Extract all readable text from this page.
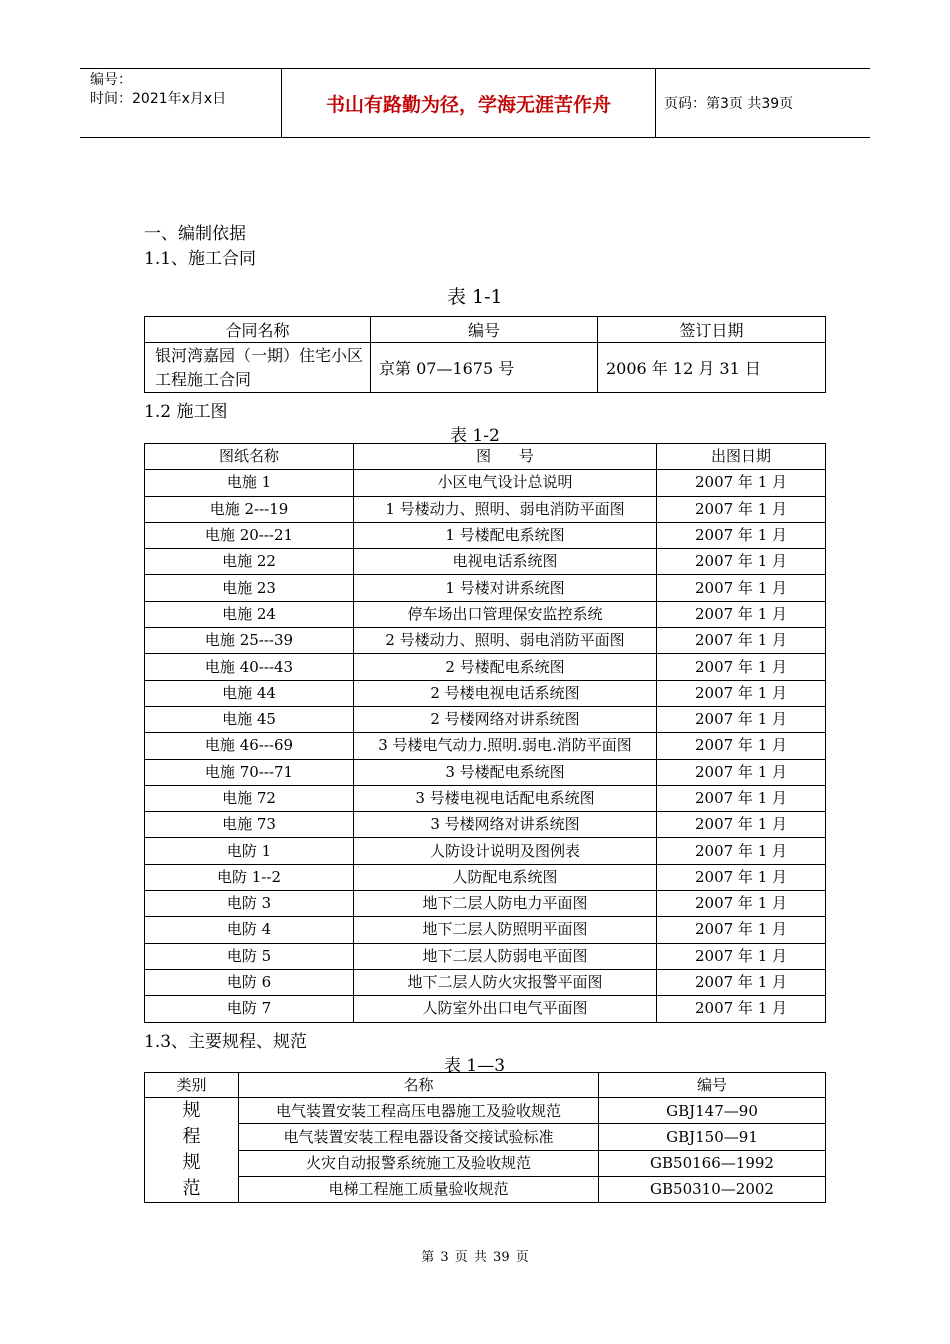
编号：
时间：2021年x月x日	书山有路勤为径，学海无涯苦作舟	页码：第3页 共39页
一、编制依据
1.1、施工合同
表 1-1
合同名称	编号	签订日期
银河湾嘉园（一期）住宅小区工程施工合同	京第 07—1675 号	2006 年 12 月 31 日
1.2 施工图
表 1-2
图纸名称	图　 号	出图日期
电施 1	小区电气设计总说明	2007 年 1 月
电施 2---19	1 号楼动力、照明、弱电消防平面图	2007 年 1 月
电施 20---21	1 号楼配电系统图	2007 年 1 月
电施 22	电视电话系统图	2007 年 1 月
电施 23	1 号楼对讲系统图	2007 年 1 月
电施 24	停车场出口管理保安监控系统	2007 年 1 月
电施 25---39	2 号楼动力、照明、弱电消防平面图	2007 年 1 月
电施 40---43	2 号楼配电系统图	2007 年 1 月
电施 44	2 号楼电视电话系统图	2007 年 1 月
电施 45	2 号楼网络对讲系统图	2007 年 1 月
电施 46---69	3 号楼电气动力.照明.弱电.消防平面图	2007 年 1 月
电施 70---71	3 号楼配电系统图	2007 年 1 月
电施 72	3 号楼电视电话配电系统图	2007 年 1 月
电施 73	3 号楼网络对讲系统图	2007 年 1 月
电防 1	人防设计说明及图例表	2007 年 1 月
电防 1--2	人防配电系统图	2007 年 1 月
电防 3	地下二层人防电力平面图	2007 年 1 月
电防 4	地下二层人防照明平面图	2007 年 1 月
电防 5	地下二层人防弱电平面图	2007 年 1 月
电防 6	地下二层人防火灾报警平面图	2007 年 1 月
电防 7	人防室外出口电气平面图	2007 年 1 月
1.3、主要规程、规范
表 1—3
类别	名称	编号

规程规范	电气装置安装工程高压电器施工及验收规范	GBJ147—90
	电气装置安装工程电器设备交接试验标准	GBJ150—91
	火灾自动报警系统施工及验收规范	GB50166—1992
	电梯工程施工质量验收规范	GB50310—2002
第 3 页 共 39 页
